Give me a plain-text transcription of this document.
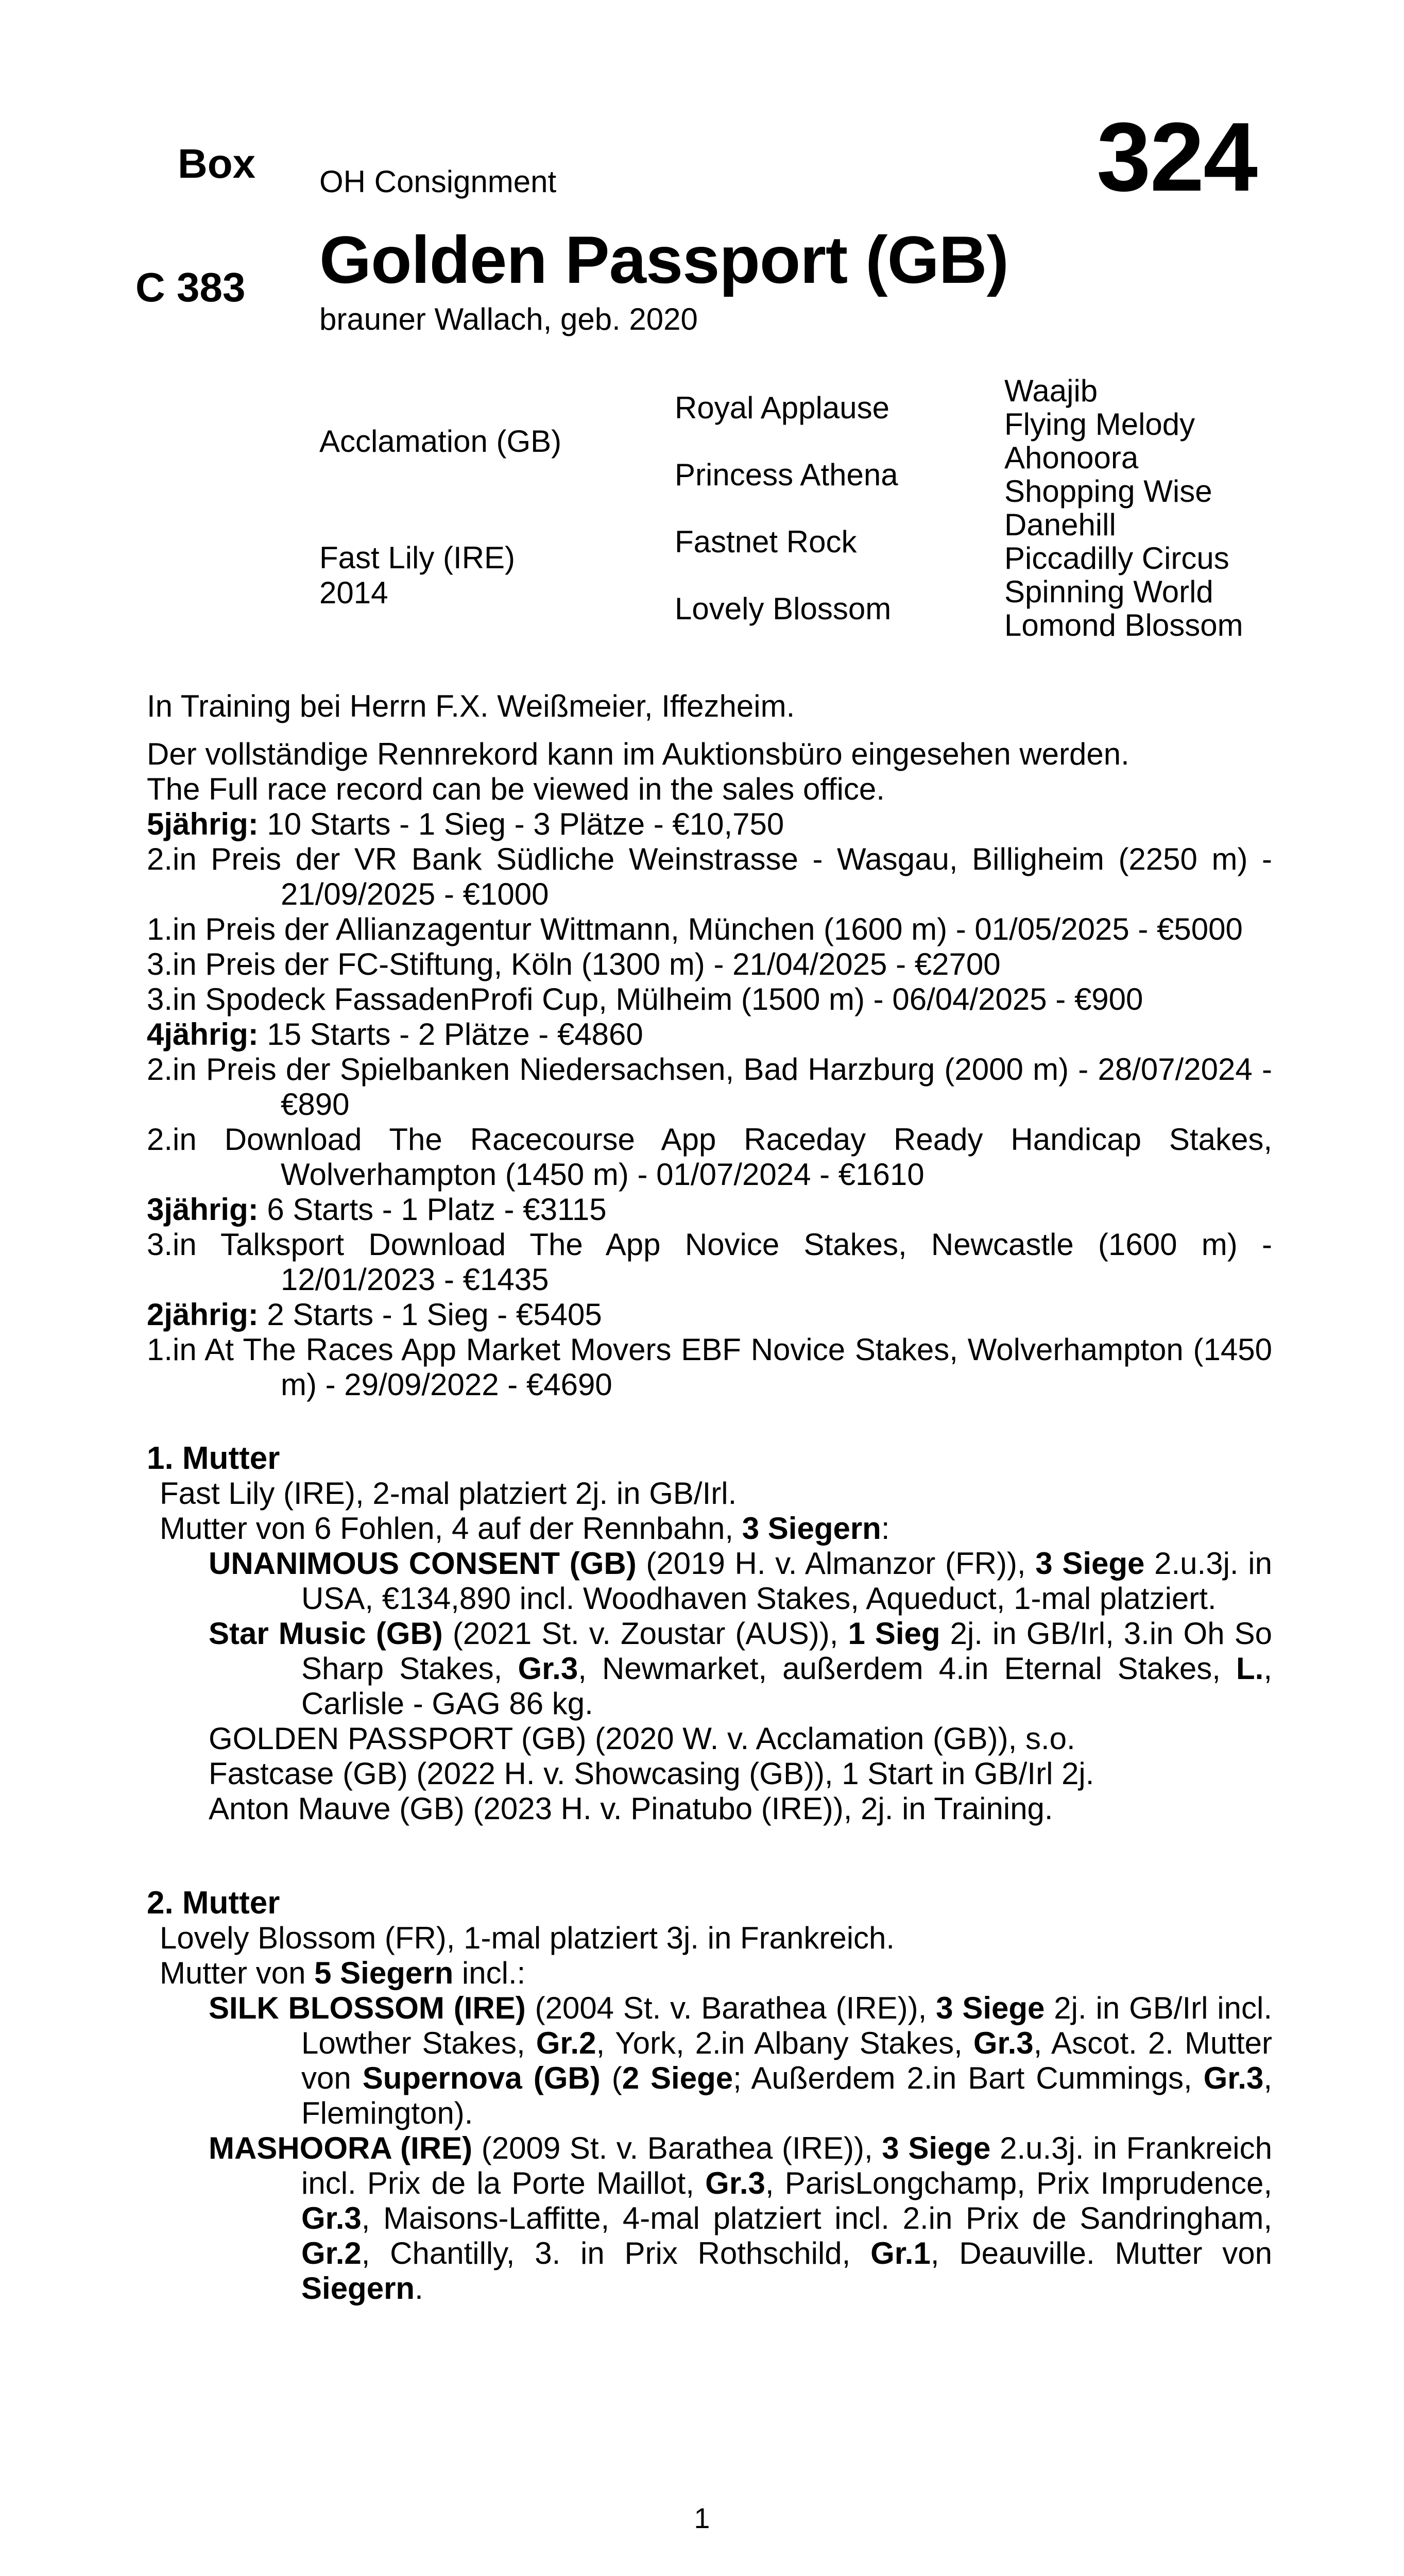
Box
C 383
OH Consignment	324
Golden Passport (GB)
brauner Wallach, geb. 2020
Acclamation (GB)
Fast Lily (IRE)
2014
Royal Applause
Princess Athena
Fastnet Rock
Lovely Blossom
Waajib
Flying Melody
Ahonoora
Shopping Wise
Danehill
Piccadilly Circus
Spinning World
Lomond Blossom

In Training bei Herrn F.X. Weißmeier, Iffezheim.

Der vollständige Rennrekord kann im Auktionsbüro eingesehen werden.

The Full race record can be viewed in the sales office.

5jährig: 10 Starts - 1 Sieg - 3 Plätze - €10,750

2.in Preis der VR Bank Südliche Weinstrasse - Wasgau, Billigheim (2250 m) - 21/09/2025 - €1000

1.in Preis der Allianzagentur Wittmann, München (1600 m) - 01/05/2025 - €5000

3.in Preis der FC-Stiftung, Köln (1300 m) - 21/04/2025 - €2700

3.in Spodeck FassadenProfi Cup, Mülheim (1500 m) - 06/04/2025 - €900

4jährig: 15 Starts - 2 Plätze - €4860

2.in Preis der Spielbanken Niedersachsen, Bad Harzburg (2000 m) - 28/07/2024 - €890

2.in Download The Racecourse App Raceday Ready Handicap Stakes, Wolverhampton (1450 m) - 01/07/2024 - €1610

3jährig: 6 Starts - 1 Platz - €3115

3.in Talksport Download The App Novice Stakes, Newcastle (1600 m) - 12/01/2023 - €1435

2jährig: 2 Starts - 1 Sieg - €5405

1.in At The Races App Market Movers EBF Novice Stakes, Wolverhampton (1450 m) - 29/09/2022 - €4690

1. Mutter

Fast Lily (IRE), 2-mal platziert 2j. in GB/Irl.

Mutter von 6 Fohlen, 4 auf der Rennbahn, 3 Siegern:

UNANIMOUS CONSENT (GB) (2019 H. v. Almanzor (FR)), 3 Siege 2.u.3j. in USA, €134,890 incl. Woodhaven Stakes, Aqueduct, 1-mal platziert.

Star Music (GB) (2021 St. v. Zoustar (AUS)), 1 Sieg 2j. in GB/Irl, 3.in Oh So Sharp Stakes, Gr.3, Newmarket, außerdem 4.in Eternal Stakes, L., Carlisle - GAG 86 kg.

GOLDEN PASSPORT (GB) (2020 W. v. Acclamation (GB)), s.o.

Fastcase (GB) (2022 H. v. Showcasing (GB)), 1 Start in GB/Irl 2j.

Anton Mauve (GB) (2023 H. v. Pinatubo (IRE)), 2j. in Training.

2. Mutter

Lovely Blossom (FR), 1-mal platziert 3j. in Frankreich.

Mutter von 5 Siegern incl.:

SILK BLOSSOM (IRE) (2004 St. v. Barathea (IRE)), 3 Siege 2j. in GB/Irl incl. Lowther Stakes, Gr.2, York, 2.in Albany Stakes, Gr.3, Ascot. 2. Mutter von Supernova (GB) (2 Siege; Außerdem 2.in Bart Cummings, Gr.3, Flemington).

MASHOORA (IRE) (2009 St. v. Barathea (IRE)), 3 Siege 2.u.3j. in Frankreich incl. Prix de la Porte Maillot, Gr.3, ParisLongchamp, Prix Imprudence, Gr.3, Maisons-Laffitte, 4-mal platziert incl. 2.in Prix de Sandringham, Gr.2, Chantilly, 3. in Prix Rothschild, Gr.1, Deauville. Mutter von Siegern.

1
